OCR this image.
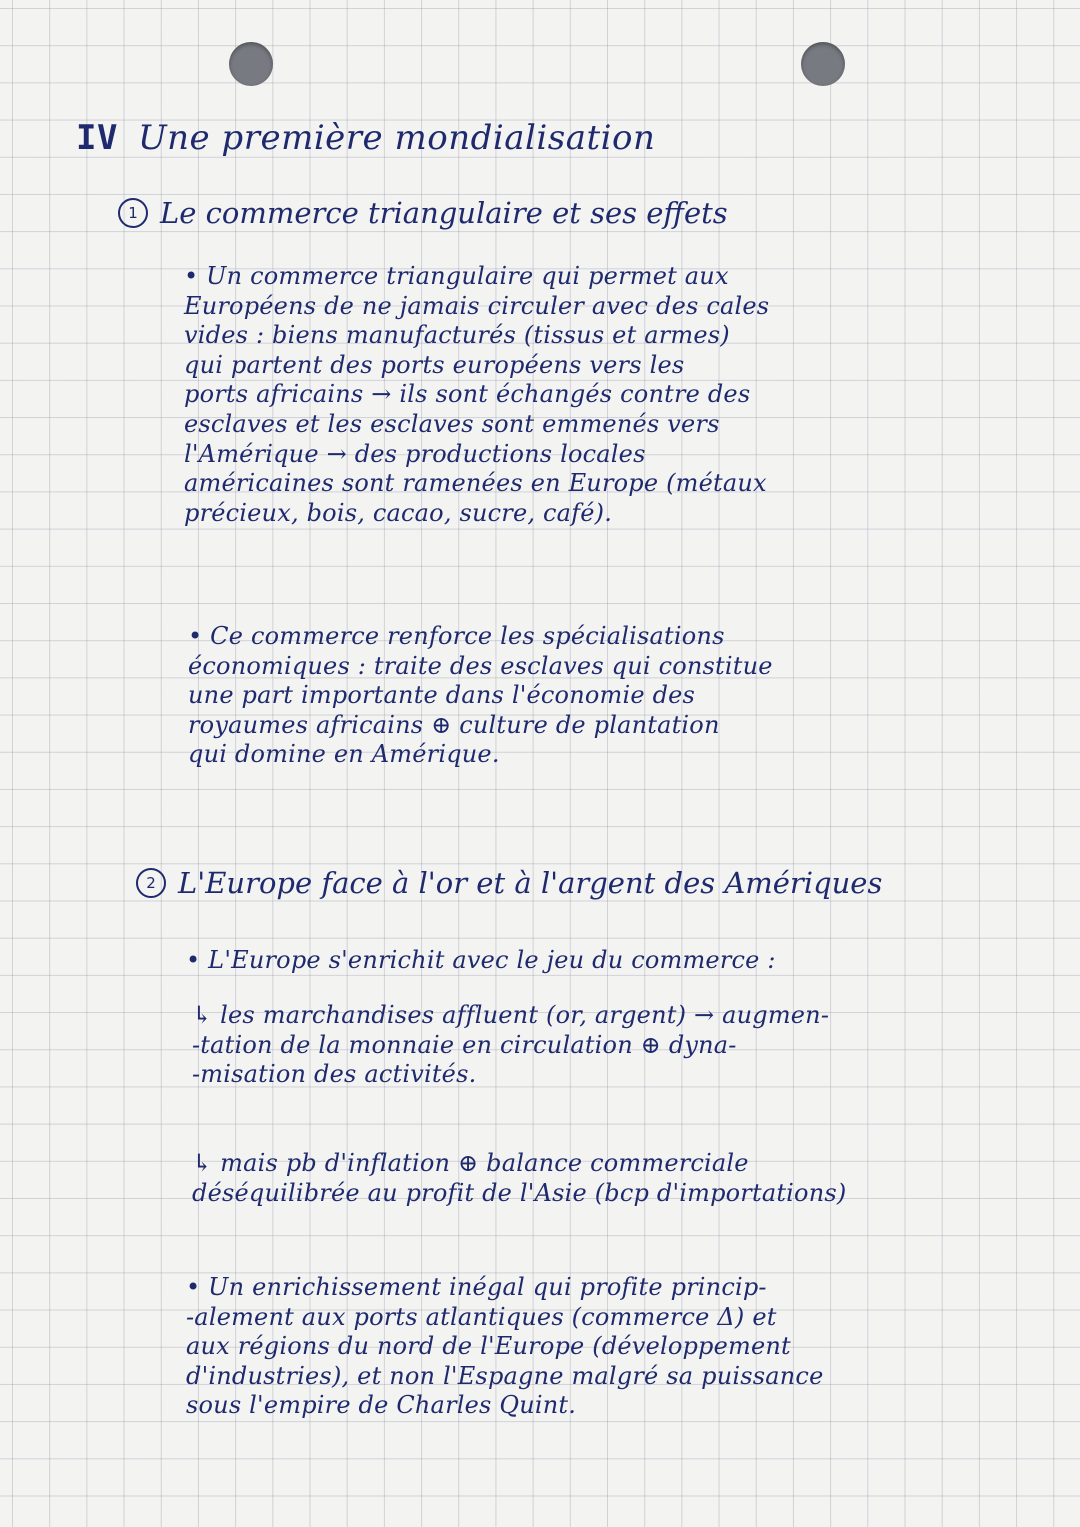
IV Une première mondialisation
1 Le commerce triangulaire et ses effets
• Un commerce triangulaire qui permet aux
Européens de ne jamais circuler avec des cales
vides : biens manufacturés (tissus et armes)
qui partent des ports européens vers les
ports africains → ils sont échangés contre des
esclaves et les esclaves sont emmenés vers
l'Amérique → des productions locales
américaines sont ramenées en Europe (métaux
précieux, bois, cacao, sucre, café).
• Ce commerce renforce les spécialisations
économiques : traite des esclaves qui constitue
une part importante dans l'économie des
royaumes africains ⊕ culture de plantation
qui domine en Amérique.
2 L'Europe face à l'or et à l'argent des Amériques
• L'Europe s'enrichit avec le jeu du commerce :
↳ les marchandises affluent (or, argent) → augmen-
-tation de la monnaie en circulation ⊕ dyna-
-misation des activités.
↳ mais pb d'inflation ⊕ balance commerciale
déséquilibrée au profit de l'Asie (bcp d'importations)
• Un enrichissement inégal qui profite princip-
-alement aux ports atlantiques (commerce Δ) et
aux régions du nord de l'Europe (développement
d'industries), et non l'Espagne malgré sa puissance
sous l'empire de Charles Quint.
